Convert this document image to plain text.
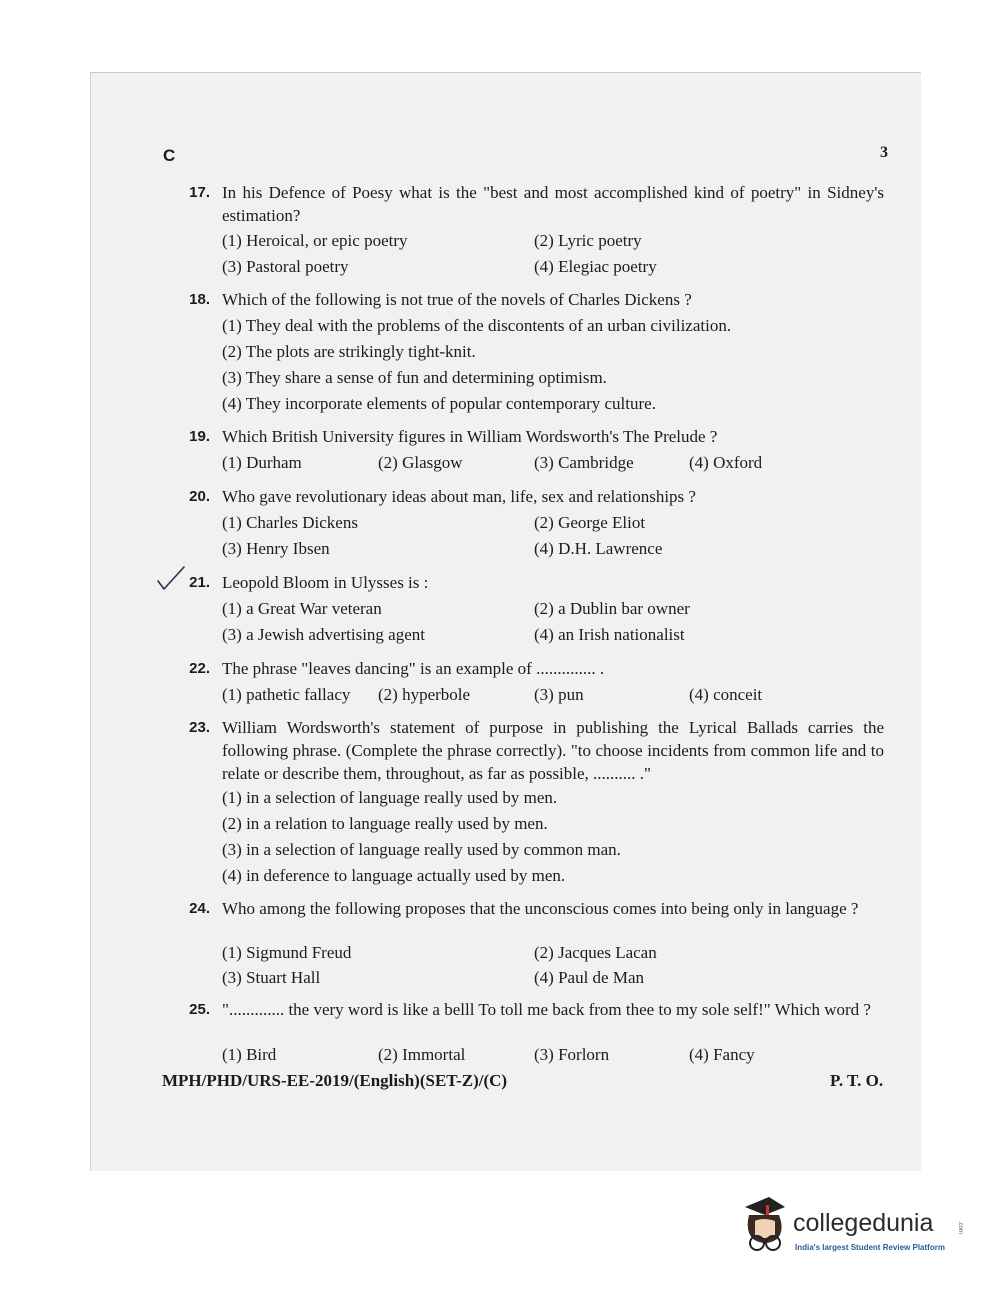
C	3
17. In his Defence of Poesy what is the "best and most accomplished kind of poetry" in Sidney's estimation?
(1) Heroical, or epic poetry	(2) Lyric poetry
(3) Pastoral poetry	(4) Elegiac poetry
18. Which of the following is not true of the novels of Charles Dickens ?
(1) They deal with the problems of the discontents of an urban civilization.
(2) The plots are strikingly tight-knit.
(3) They share a sense of fun and determining optimism.
(4) They incorporate elements of popular contemporary culture.
19. Which British University figures in William Wordsworth's The Prelude ?
(1) Durham	(2) Glasgow	(3) Cambridge	(4) Oxford
20. Who gave revolutionary ideas about man, life, sex and relationships ?
(1) Charles Dickens	(2) George Eliot
(3) Henry Ibsen	(4) D.H. Lawrence
21. Leopold Bloom in Ulysses is :
(1) a Great War veteran	(2) a Dublin bar owner
(3) a Jewish advertising agent	(4) an Irish nationalist
22. The phrase "leaves dancing" is an example of .............. .
(1) pathetic fallacy (2) hyperbole	(3) pun	(4) conceit
23. William Wordsworth's statement of purpose in publishing the Lyrical Ballads carries the following phrase. (Complete the phrase correctly). "to choose incidents from common life and to relate or describe them, throughout, as far as possible, .......... ."
(1) in a selection of language really used by men.
(2) in a relation to language really used by men.
(3) in a selection of language really used by common man.
(4) in deference to language actually used by men.
24. Who among the following proposes that the unconscious comes into being only in language ?
(1) Sigmund Freud	(2) Jacques Lacan
(3) Stuart Hall	(4) Paul de Man
25. "............. the very word is like a belll To toll me back from thee to my sole self!" Which word ?
(1) Bird	(2) Immortal	(3) Forlorn	(4) Fancy
MPH/PHD/URS-EE-2019/(English)(SET-Z)/(C)	P. T. O.
collegedunia	.com
India's largest Student Review Platform
